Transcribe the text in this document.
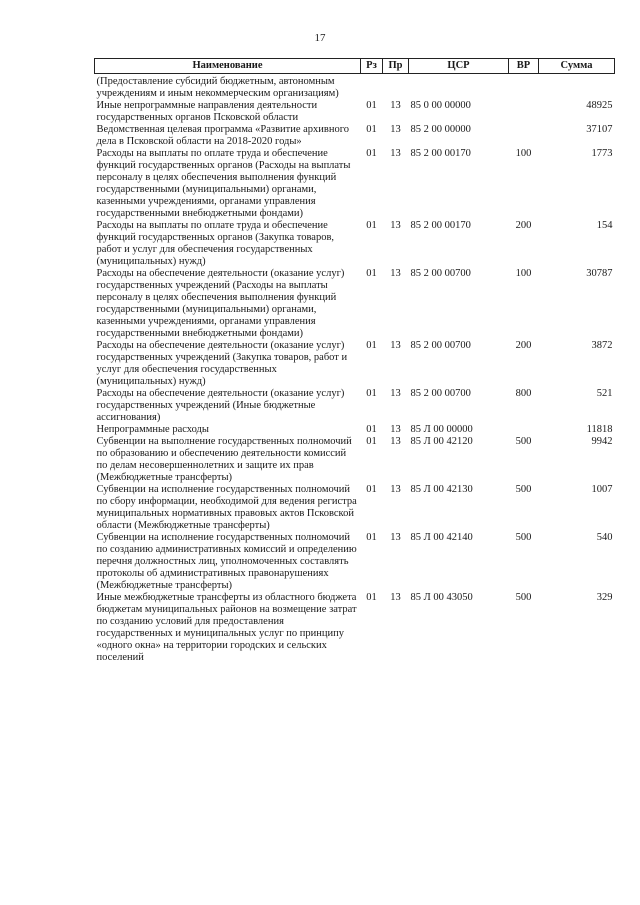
17
Наименование	Рз	Пр	ЦСР	ВР	Сумма
(Предоставление субсидий бюджетным, автономным учреждениям и иным некоммерческим организациям)					
Иные непрограммные направления деятельности государственных органов Псковской области	01	13	85 0 00 00000		48925
Ведомственная целевая программа «Развитие архивного дела в Псковской области на 2018-2020 годы»	01	13	85 2 00 00000		37107
Расходы на выплаты по оплате труда и обеспечение функций государственных органов (Расходы на выплаты персоналу в целях обеспечения выполнения функций государственными (муниципальными) органами, казенными учреждениями, органами управления государственными внебюджетными фондами)	01	13	85 2 00 00170	100	1773
Расходы на выплаты по оплате труда и обеспечение функций государственных органов (Закупка товаров, работ и услуг для обеспечения государственных (муниципальных) нужд)	01	13	85 2 00 00170	200	154
Расходы на обеспечение деятельности (оказание услуг) государственных учреждений (Расходы на выплаты персоналу в целях обеспечения выполнения функций государственными (муниципальными) органами, казенными учреждениями, органами управления государственными внебюджетными фондами)	01	13	85 2 00 00700	100	30787
Расходы на обеспечение деятельности (оказание услуг) государственных учреждений (Закупка товаров, работ и услуг для обеспечения государственных (муниципальных) нужд)	01	13	85 2 00 00700	200	3872
Расходы на обеспечение деятельности (оказание услуг) государственных учреждений (Иные бюджетные ассигнования)	01	13	85 2 00 00700	800	521
Непрограммные расходы	01	13	85 Л 00 00000		11818
Субвенции на выполнение государственных полномочий по образованию и обеспечению деятельности комиссий по делам несовершеннолетних и защите их прав (Межбюджетные трансферты)	01	13	85 Л 00 42120	500	9942
Субвенции на исполнение государственных полномочий по сбору информации, необходимой для ведения регистра муниципальных нормативных правовых актов Псковской области (Межбюджетные трансферты)	01	13	85 Л 00 42130	500	1007
Субвенции на исполнение государственных полномочий по созданию административных комиссий и определению перечня должностных лиц, уполномоченных составлять протоколы об административных правонарушениях (Межбюджетные трансферты)	01	13	85 Л 00 42140	500	540
Иные межбюджетные трансферты из областного бюджета бюджетам муниципальных районов на возмещение затрат по созданию условий для предоставления государственных и муниципальных услуг по принципу «одного окна» на территории городских и сельских поселений	01	13	85 Л 00 43050	500	329
